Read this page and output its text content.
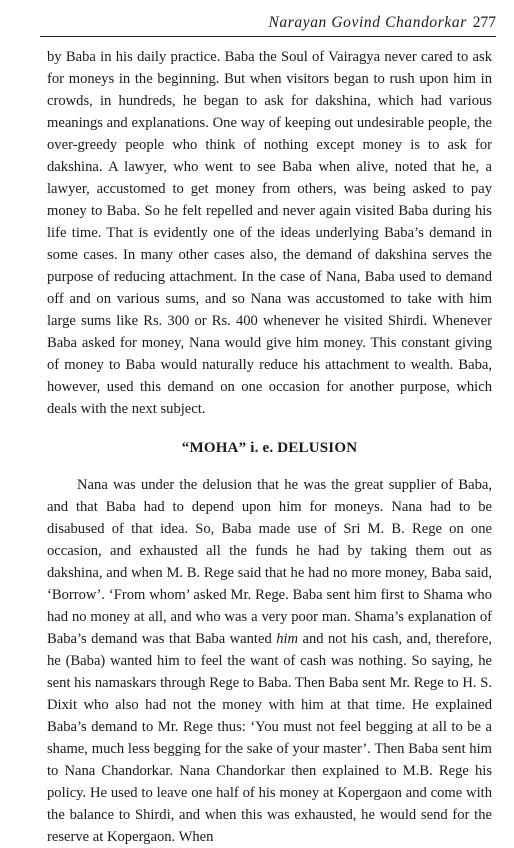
Narayan Govind Chandorkar 277

by Baba in his daily practice. Baba the Soul of Vairagya never cared to ask for moneys in the beginning. But when visitors began to rush upon him in crowds, in hundreds, he began to ask for dakshina, which had various meanings and explanations. One way of keeping out undesirable people, the over-greedy people who think of nothing except money is to ask for dakshina. A lawyer, who went to see Baba when alive, noted that he, a lawyer, accustomed to get money from others, was being asked to pay money to Baba. So he felt repelled and never again visited Baba during his life time. That is evidently one of the ideas underlying Baba’s demand in some cases. In many other cases also, the demand of dakshina serves the purpose of reducing attachment. In the case of Nana, Baba used to demand off and on various sums, and so Nana was accustomed to take with him large sums like Rs. 300 or Rs. 400 whenever he visited Shirdi. Whenever Baba asked for money, Nana would give him money. This constant giving of money to Baba would naturally reduce his attachment to wealth. Baba, however, used this demand on one occasion for another purpose, which deals with the next subject.

“MOHA” i. e. DELUSION

Nana was under the delusion that he was the great supplier of Baba, and that Baba had to depend upon him for moneys. Nana had to be disabused of that idea. So, Baba made use of Sri M. B. Rege on one occasion, and exhausted all the funds he had by taking them out as dakshina, and when M. B. Rege said that he had no more money, Baba said, ‘Borrow’. ‘From whom’ asked Mr. Rege. Baba sent him first to Shama who had no money at all, and who was a very poor man. Shama’s explanation of Baba’s demand was that Baba wanted him and not his cash, and, therefore, he (Baba) wanted him to feel the want of cash was nothing. So saying, he sent his namaskars through Rege to Baba. Then Baba sent Mr. Rege to H. S. Dixit who also had not the money with him at that time. He explained Baba’s demand to Mr. Rege thus: ‘You must not feel begging at all to be a shame, much less begging for the sake of your master’. Then Baba sent him to Nana Chandorkar. Nana Chandorkar then explained to M.B. Rege his policy. He used to leave one half of his money at Kopergaon and come with the balance to Shirdi, and when this was exhausted, he would send for the reserve at Kopergaon. When
